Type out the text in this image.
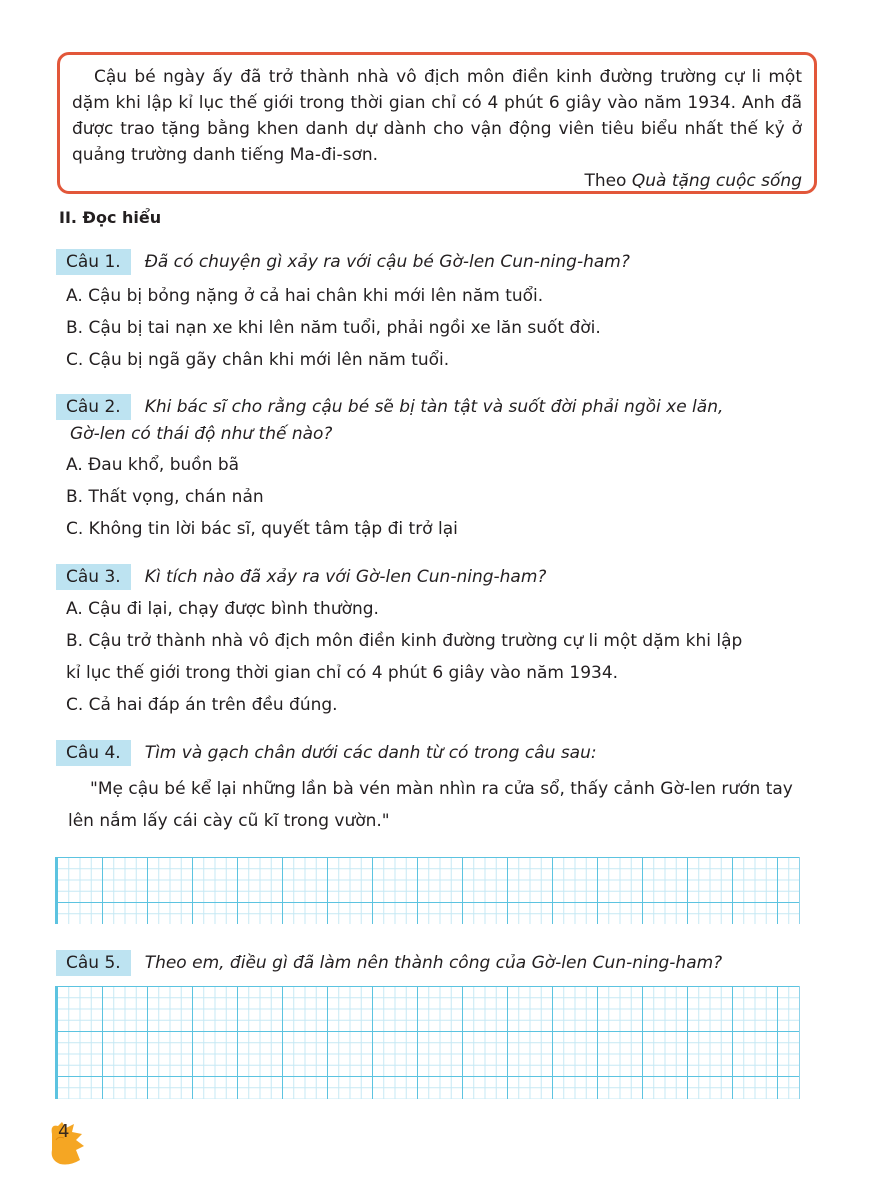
Cậu bé ngày ấy đã trở thành nhà vô địch môn điền kinh đường trường cự li một dặm khi lập kỉ lục thế giới trong thời gian chỉ có 4 phút 6 giây vào năm 1934. Anh đã được trao tặng bằng khen danh dự dành cho vận động viên tiêu biểu nhất thế kỷ ở quảng trường danh tiếng Ma-đi-sơn.

Theo Quà tặng cuộc sống

II. Đọc hiểu
Câu 1.	Đã có chuyện gì xảy ra với cậu bé Gờ-len Cun-ning-ham?
A. Cậu bị bỏng nặng ở cả hai chân khi mới lên năm tuổi.
B. Cậu bị tai nạn xe khi lên năm tuổi, phải ngồi xe lăn suốt đời.
C. Cậu bị ngã gãy chân khi mới lên năm tuổi.
Câu 2.	Khi bác sĩ cho rằng cậu bé sẽ bị tàn tật và suốt đời phải ngồi xe lăn,
Gờ-len có thái độ như thế nào?
A. Đau khổ, buồn bã
B. Thất vọng, chán nản
C. Không tin lời bác sĩ, quyết tâm tập đi trở lại
Câu 3.	Kì tích nào đã xảy ra với Gờ-len Cun-ning-ham?
A. Cậu đi lại, chạy được bình thường.
B. Cậu trở thành nhà vô địch môn điền kinh đường trường cự li một dặm khi lập
kỉ lục thế giới trong thời gian chỉ có 4 phút 6 giây vào năm 1934.
C. Cả hai đáp án trên đều đúng.
Câu 4.	Tìm và gạch chân dưới các danh từ có trong câu sau:
"Mẹ cậu bé kể lại những lần bà vén màn nhìn ra cửa sổ, thấy cảnh Gờ-len rướn tay lên nắm lấy cái cày cũ kĩ trong vườn."
Câu 5.	Theo em, điều gì đã làm nên thành công của Gờ-len Cun-ning-ham?
4
